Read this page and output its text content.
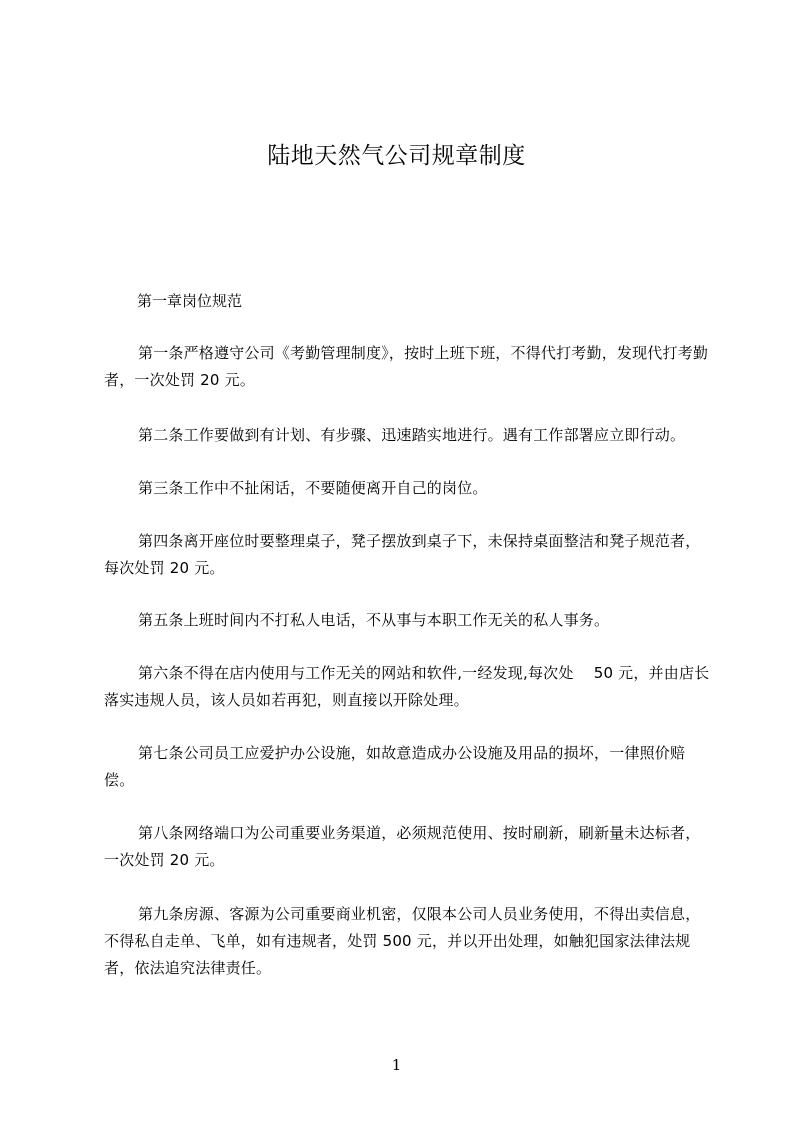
陆地天然气公司规章制度
第一章岗位规范
第一条严格遵守公司《考勤管理制度》，按时上班下班，不得代打考勤，发现代打考勤者，一次处罚 20 元。
第二条工作要做到有计划、有步骤、迅速踏实地进行。遇有工作部署应立即行动。
第三条工作中不扯闲话，不要随便离开自己的岗位。
第四条离开座位时要整理桌子，凳子摆放到桌子下，未保持桌面整洁和凳子规范者，每次处罚 20 元。
第五条上班时间内不打私人电话，不从事与本职工作无关的私人事务。
第六条不得在店内使用与工作无关的网站和软件,一经发现,每次处　 50 元，并由店长落实违规人员，该人员如若再犯，则直接以开除处理。
第七条公司员工应爱护办公设施，如故意造成办公设施及用品的损坏，一律照价赔偿。
第八条网络端口为公司重要业务渠道，必须规范使用、按时刷新，刷新量未达标者，一次处罚 20 元。
第九条房源、客源为公司重要商业机密，仅限本公司人员业务使用，不得出卖信息，不得私自走单、飞单，如有违规者，处罚 500 元，并以开出处理，如触犯国家法律法规者，依法追究法律责任。
1
